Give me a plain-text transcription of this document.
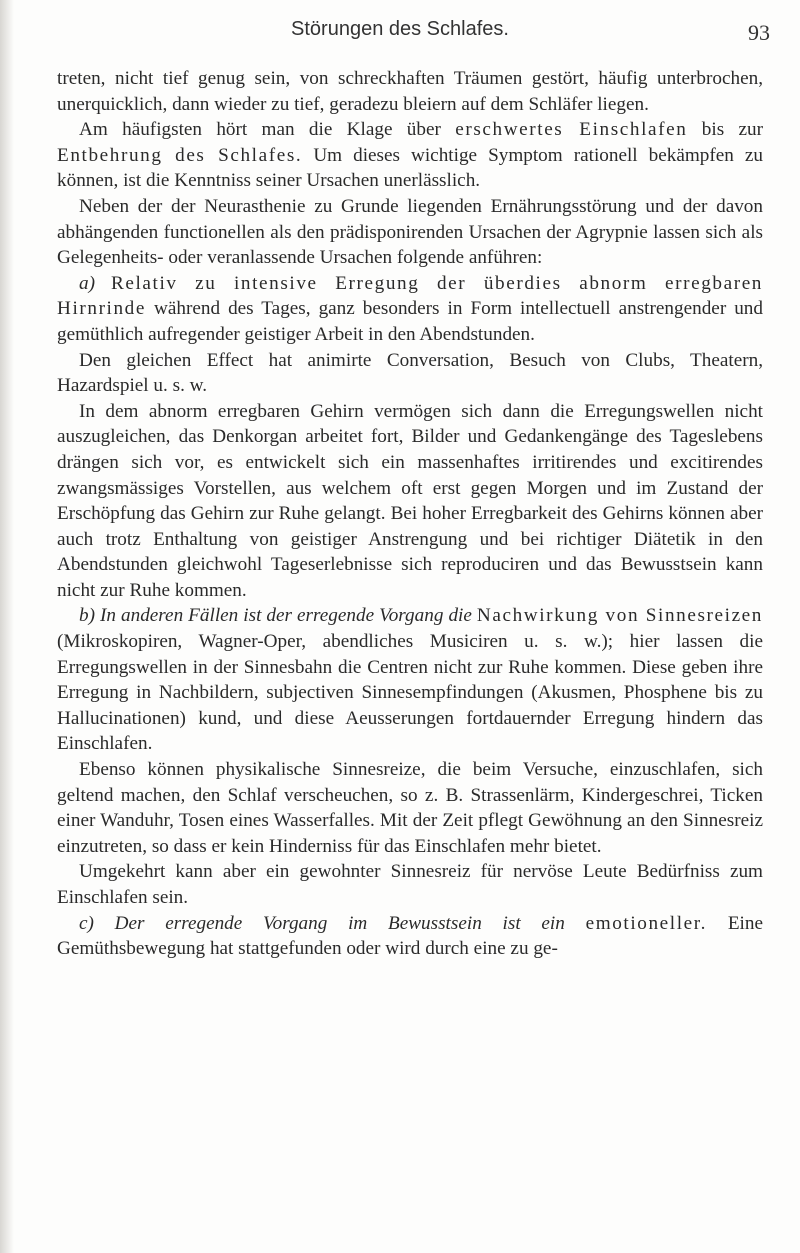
Störungen des Schlafes.	93

treten, nicht tief genug sein, von schreckhaften Träumen gestört, häufig unterbrochen, unerquicklich, dann wieder zu tief, geradezu bleiern auf dem Schläfer liegen.

Am häufigsten hört man die Klage über erschwertes Einschlafen bis zur Entbehrung des Schlafes. Um dieses wichtige Symptom rationell bekämpfen zu können, ist die Kenntniss seiner Ursachen unerlässlich.

Neben der der Neurasthenie zu Grunde liegenden Ernährungsstörung und der davon abhängenden functionellen als den prädisponirenden Ursachen der Agrypnie lassen sich als Gelegenheits- oder veranlassende Ursachen folgende anführen:

a) Relativ zu intensive Erregung der überdies abnorm erregbaren Hirnrinde während des Tages, ganz besonders in Form intellectuell anstrengender und gemüthlich aufregender geistiger Arbeit in den Abendstunden.

Den gleichen Effect hat animirte Conversation, Besuch von Clubs, Theatern, Hazardspiel u. s. w.

In dem abnorm erregbaren Gehirn vermögen sich dann die Erregungswellen nicht auszugleichen, das Denkorgan arbeitet fort, Bilder und Gedankengänge des Tageslebens drängen sich vor, es entwickelt sich ein massenhaftes irritirendes und excitirendes zwangsmässiges Vorstellen, aus welchem oft erst gegen Morgen und im Zustand der Erschöpfung das Gehirn zur Ruhe gelangt. Bei hoher Erregbarkeit des Gehirns können aber auch trotz Enthaltung von geistiger Anstrengung und bei richtiger Diätetik in den Abendstunden gleichwohl Tageserlebnisse sich reproduciren und das Bewusstsein kann nicht zur Ruhe kommen.

b) In anderen Fällen ist der erregende Vorgang die Nachwirkung von Sinnesreizen (Mikroskopiren, Wagner-Oper, abendliches Musiciren u. s. w.); hier lassen die Erregungswellen in der Sinnesbahn die Centren nicht zur Ruhe kommen. Diese geben ihre Erregung in Nachbildern, subjectiven Sinnesempfindungen (Akusmen, Phosphene bis zu Hallucinationen) kund, und diese Aeusserungen fortdauernder Erregung hindern das Einschlafen.

Ebenso können physikalische Sinnesreize, die beim Versuche, einzuschlafen, sich geltend machen, den Schlaf verscheuchen, so z. B. Strassenlärm, Kindergeschrei, Ticken einer Wanduhr, Tosen eines Wasserfalles. Mit der Zeit pflegt Gewöhnung an den Sinnesreiz einzutreten, so dass er kein Hinderniss für das Einschlafen mehr bietet.

Umgekehrt kann aber ein gewohnter Sinnesreiz für nervöse Leute Bedürfniss zum Einschlafen sein.

c) Der erregende Vorgang im Bewusstsein ist ein emotioneller. Eine Gemüthsbewegung hat stattgefunden oder wird durch eine zu ge-
